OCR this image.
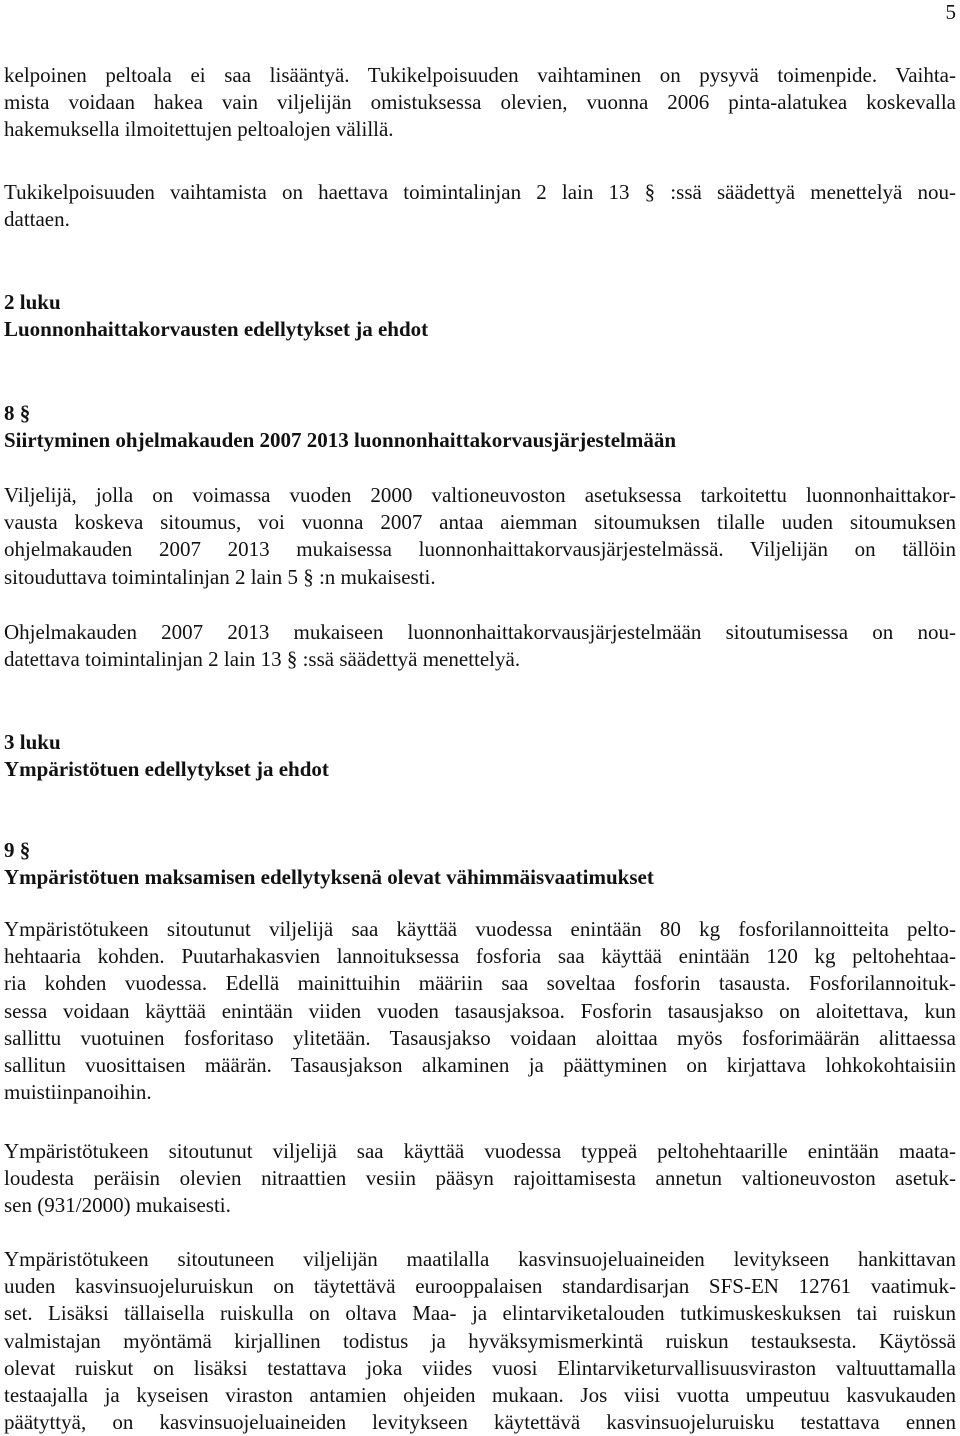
5
kelpoinen peltoala ei saa lisääntyä. Tukikelpoisuuden vaihtaminen on pysyvä toimenpide. Vaihta-
mista voidaan hakea vain viljelijän omistuksessa olevien, vuonna 2006 pinta-alatukea koskevalla
hakemuksella ilmoitettujen peltoalojen välillä.
Tukikelpoisuuden vaihtamista on haettava toimintalinjan 2 lain 13 § :ssä säädettyä menettelyä nou-
dattaen.
2 luku
Luonnonhaittakorvausten edellytykset ja ehdot
8 §
Siirtyminen ohjelmakauden 2007 2013 luonnonhaittakorvausjärjestelmään
Viljelijä, jolla on voimassa vuoden 2000 valtioneuvoston asetuksessa tarkoitettu luonnonhaittakor-
vausta koskeva sitoumus, voi vuonna 2007 antaa aiemman sitoumuksen tilalle uuden sitoumuksen
ohjelmakauden 2007 2013 mukaisessa luonnonhaittakorvausjärjestelmässä. Viljelijän on tällöin
sitouduttava toimintalinjan 2 lain 5 § :n mukaisesti.
Ohjelmakauden 2007 2013 mukaiseen luonnonhaittakorvausjärjestelmään sitoutumisessa on nou-
datettava toimintalinjan 2 lain 13 § :ssä säädettyä menettelyä.
3 luku
Ympäristötuen edellytykset ja ehdot
9 §
Ympäristötuen maksamisen edellytyksenä olevat vähimmäisvaatimukset
Ympäristötukeen sitoutunut viljelijä saa käyttää vuodessa enintään 80 kg fosforilannoitteita pelto-
hehtaaria kohden. Puutarhakasvien lannoituksessa fosforia saa käyttää enintään 120 kg peltohehtaa-
ria kohden vuodessa. Edellä mainittuihin määriin saa soveltaa fosforin tasausta. Fosforilannoituk-
sessa voidaan käyttää enintään viiden vuoden tasausjaksoa. Fosforin tasausjakso on aloitettava, kun
sallittu vuotuinen fosforitaso ylitetään. Tasausjakso voidaan aloittaa myös fosforimäärän alittaessa
sallitun vuosittaisen määrän. Tasausjakson alkaminen ja päättyminen on kirjattava lohkokohtaisiin
muistiinpanoihin.
Ympäristötukeen sitoutunut viljelijä saa käyttää vuodessa typpeä peltohehtaarille enintään maata-
loudesta peräisin olevien nitraattien vesiin pääsyn rajoittamisesta annetun valtioneuvoston asetuk-
sen (931/2000) mukaisesti.
Ympäristötukeen sitoutuneen viljelijän maatilalla kasvinsuojeluaineiden levitykseen hankittavan
uuden kasvinsuojeluruiskun on täytettävä eurooppalaisen standardisarjan SFS-EN 12761 vaatimuk-
set. Lisäksi tällaisella ruiskulla on oltava Maa- ja elintarviketalouden tutkimuskeskuksen tai ruiskun
valmistajan myöntämä kirjallinen todistus ja hyväksymismerkintä ruiskun testauksesta. Käytössä
olevat ruiskut on lisäksi testattava joka viides vuosi Elintarviketurvallisuusviraston valtuuttamalla
testaajalla ja kyseisen viraston antamien ohjeiden mukaan. Jos viisi vuotta umpeutuu kasvukauden
päätyttyä, on kasvinsuojeluaineiden levitykseen käytettävä kasvinsuojeluruisku testattava ennen
